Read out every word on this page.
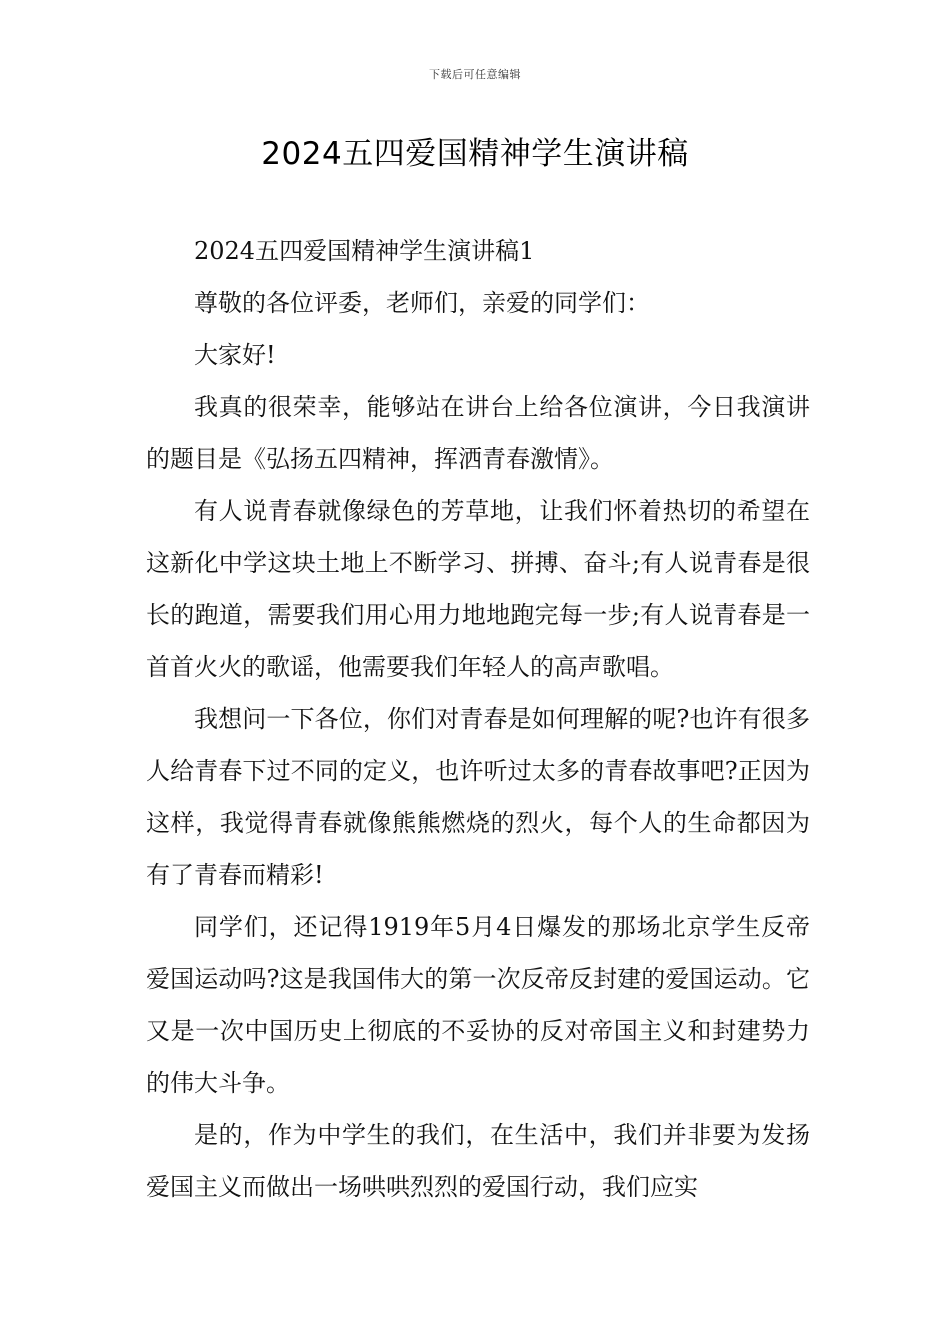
下载后可任意编辑
2024五四爱国精神学生演讲稿

2024五四爱国精神学生演讲稿1

尊敬的各位评委，老师们，亲爱的同学们：

大家好!

我真的很荣幸，能够站在讲台上给各位演讲，今日我演讲的题目是《弘扬五四精神，挥洒青春激情》。

有人说青春就像绿色的芳草地，让我们怀着热切的希望在这新化中学这块土地上不断学习、拼搏、奋斗;有人说青春是很长的跑道，需要我们用心用力地地跑完每一步;有人说青春是一首首火火的歌谣，他需要我们年轻人的高声歌唱。

我想问一下各位，你们对青春是如何理解的呢?也许有很多人给青春下过不同的定义，也许听过太多的青春故事吧?正因为这样，我觉得青春就像熊熊燃烧的烈火，每个人的生命都因为有了青春而精彩!

同学们，还记得1919年5月4日爆发的那场北京学生反帝爱国运动吗?这是我国伟大的第一次反帝反封建的爱国运动。它又是一次中国历史上彻底的不妥协的反对帝国主义和封建势力的伟大斗争。

是的，作为中学生的我们，在生活中，我们并非要为发扬爱国主义而做出一场哄哄烈烈的爱国行动，我们应实
